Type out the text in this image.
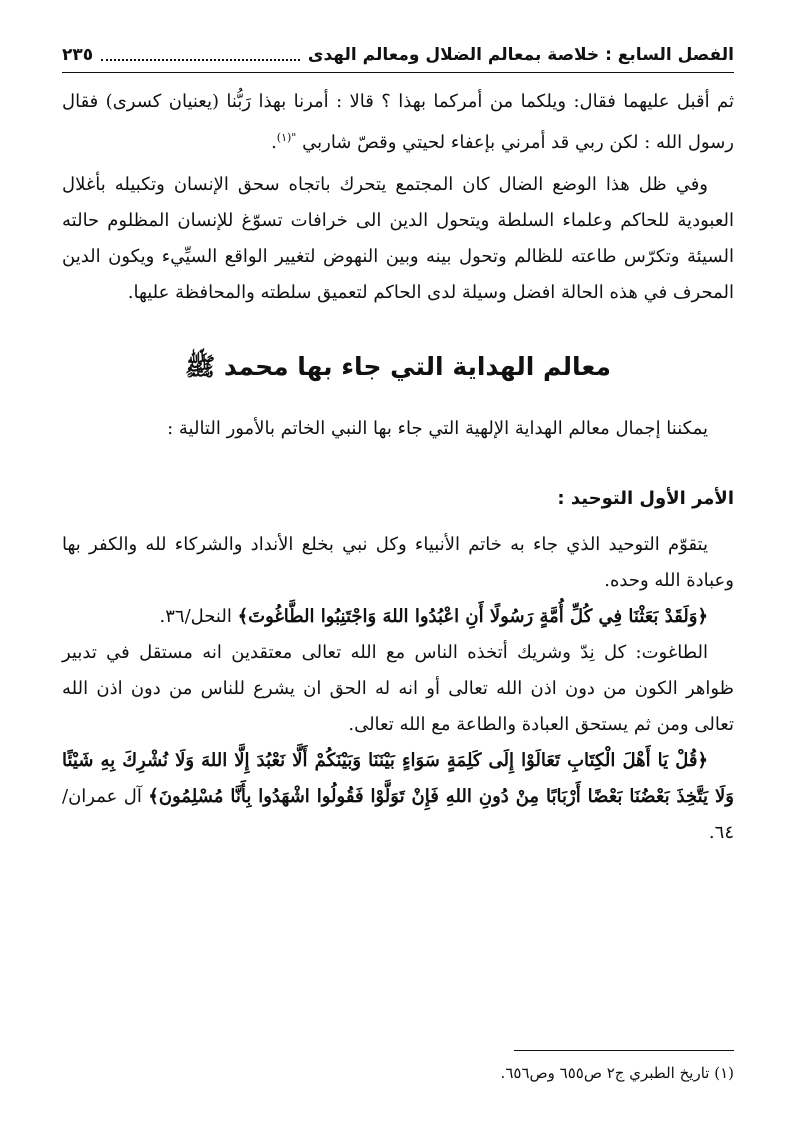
الفصل السابع : خلاصة بمعالم الضلال ومعالم الهدى
٢٣٥

ثم أقبل عليهما فقال: ويلكما من أمركما بهذا ؟ قالا : أمرنا بهذا رَبُّنا (يعنيان كسرى) فقال رسول الله : لكن ربي قد أمرني بإعفاء لحيتي وقصّ شاربي $^{"(١)}$.

وفي ظل هذا الوضع الضال كان المجتمع يتحرك باتجاه سحق الإنسان وتكبيله بأغلال العبودية للحاكم وعلماء السلطة ويتحول الدين الى خرافات تسوّغ للإنسان المظلوم حالته السيئة وتكرّس طاعته للظالم وتحول بينه وبين النهوض لتغيير الواقع السيِّيء ويكون الدين المحرف في هذه الحالة افضل وسيلة لدى الحاكم لتعميق سلطته والمحافظة عليها.

معالم الهداية التي جاء بها محمد ﷺ

يمكننا إجمال معالم الهداية الإلهية التي جاء بها النبي الخاتم بالأمور التالية :

الأمر الأول التوحيد :

يتقوّم التوحيد الذي جاء به خاتم الأنبياء وكل نبي بخلع الأنداد والشركاء لله والكفر بها وعبادة الله وحده.

﴿وَلَقَدْ بَعَثْنَا فِي كُلِّ أُمَّةٍ رَسُولًا أَنِ اعْبُدُوا اللهَ وَاجْتَنِبُوا الطَّاغُوتَ﴾ النحل/٣٦.

الطاغوت: كل نِدّ وشريك أتخذه الناس مع الله تعالى معتقدين انه مستقل في تدبير ظواهر الكون من دون اذن الله تعالى أو انه له الحق ان يشرع للناس من دون اذن الله تعالى ومن ثم يستحق العبادة والطاعة مع الله تعالى.

﴿قُلْ يَا أَهْلَ الْكِتَابِ تَعَالَوْا إِلَى كَلِمَةٍ سَوَاءٍ بَيْنَنَا وَبَيْنَكُمْ أَلَّا نَعْبُدَ إِلَّا اللهَ وَلَا نُشْرِكَ بِهِ شَيْئًا وَلَا يَتَّخِذَ بَعْضُنَا بَعْضًا أَرْبَابًا مِنْ دُونِ اللهِ فَإِنْ تَوَلَّوْا فَقُولُوا اشْهَدُوا بِأَنَّا مُسْلِمُونَ﴾ آل عمران/٦٤.

(١) تاريخ الطبري ج٢ ص٦٥٥ وص٦٥٦.
